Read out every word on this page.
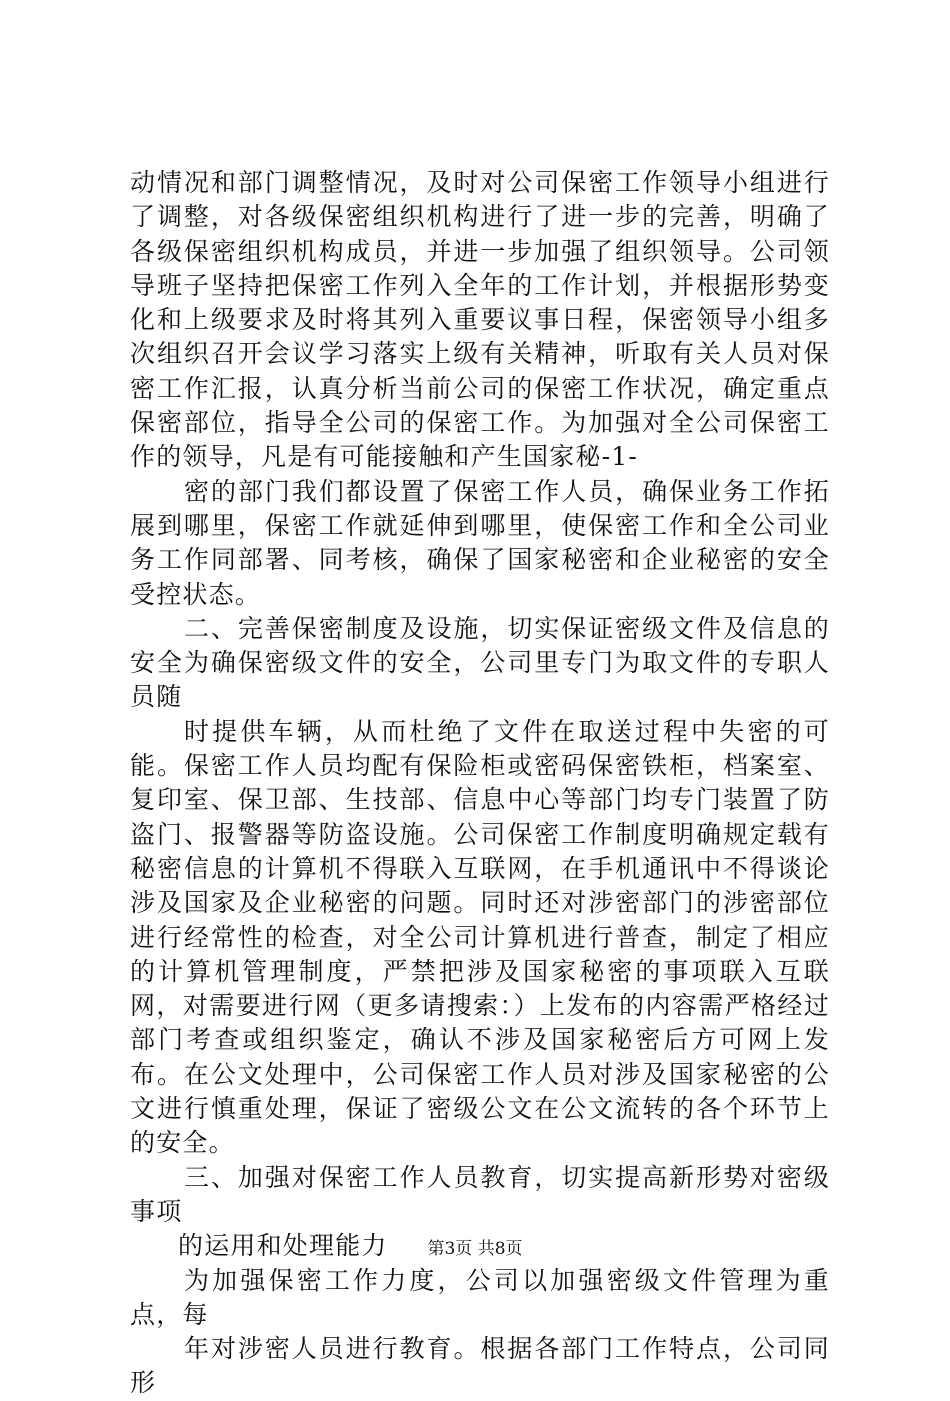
动情况和部门调整情况，及时对公司保密工作领导小组进行了调整，对各级保密组织机构进行了进一步的完善，明确了各级保密组织机构成员，并进一步加强了组织领导。公司领导班子坚持把保密工作列入全年的工作计划，并根据形势变化和上级要求及时将其列入重要议事日程，保密领导小组多次组织召开会议学习落实上级有关精神，听取有关人员对保密工作汇报，认真分析当前公司的保密工作状况，确定重点保密部位，指导全公司的保密工作。为加强对全公司保密工作的领导，凡是有可能接触和产生国家秘-1-

密的部门我们都设置了保密工作人员，确保业务工作拓展到哪里，保密工作就延伸到哪里，使保密工作和全公司业务工作同部署、同考核，确保了国家秘密和企业秘密的安全受控状态。

二、完善保密制度及设施，切实保证密级文件及信息的安全为确保密级文件的安全，公司里专门为取文件的专职人员随

时提供车辆，从而杜绝了文件在取送过程中失密的可能。保密工作人员均配有保险柜或密码保密铁柜，档案室、复印室、保卫部、生技部、信息中心等部门均专门装置了防盗门、报警器等防盗设施。公司保密工作制度明确规定载有秘密信息的计算机不得联入互联网，在手机通讯中不得谈论涉及国家及企业秘密的问题。同时还对涉密部门的涉密部位进行经常性的检查，对全公司计算机进行普查，制定了相应的计算机管理制度，严禁把涉及国家秘密的事项联入互联网，对需要进行网（更多请搜索：）上发布的内容需严格经过部门考查或组织鉴定，确认不涉及国家秘密后方可网上发布。在公文处理中，公司保密工作人员对涉及国家秘密的公文进行慎重处理，保证了密级公文在公文流转的各个环节上的安全。

三、加强对保密工作人员教育，切实提高新形势对密级事项

的运用和处理能力

为加强保密工作力度，公司以加强密级文件管理为重点，每

年对涉密人员进行教育。根据各部门工作特点，公司同形

第3页 共8页
